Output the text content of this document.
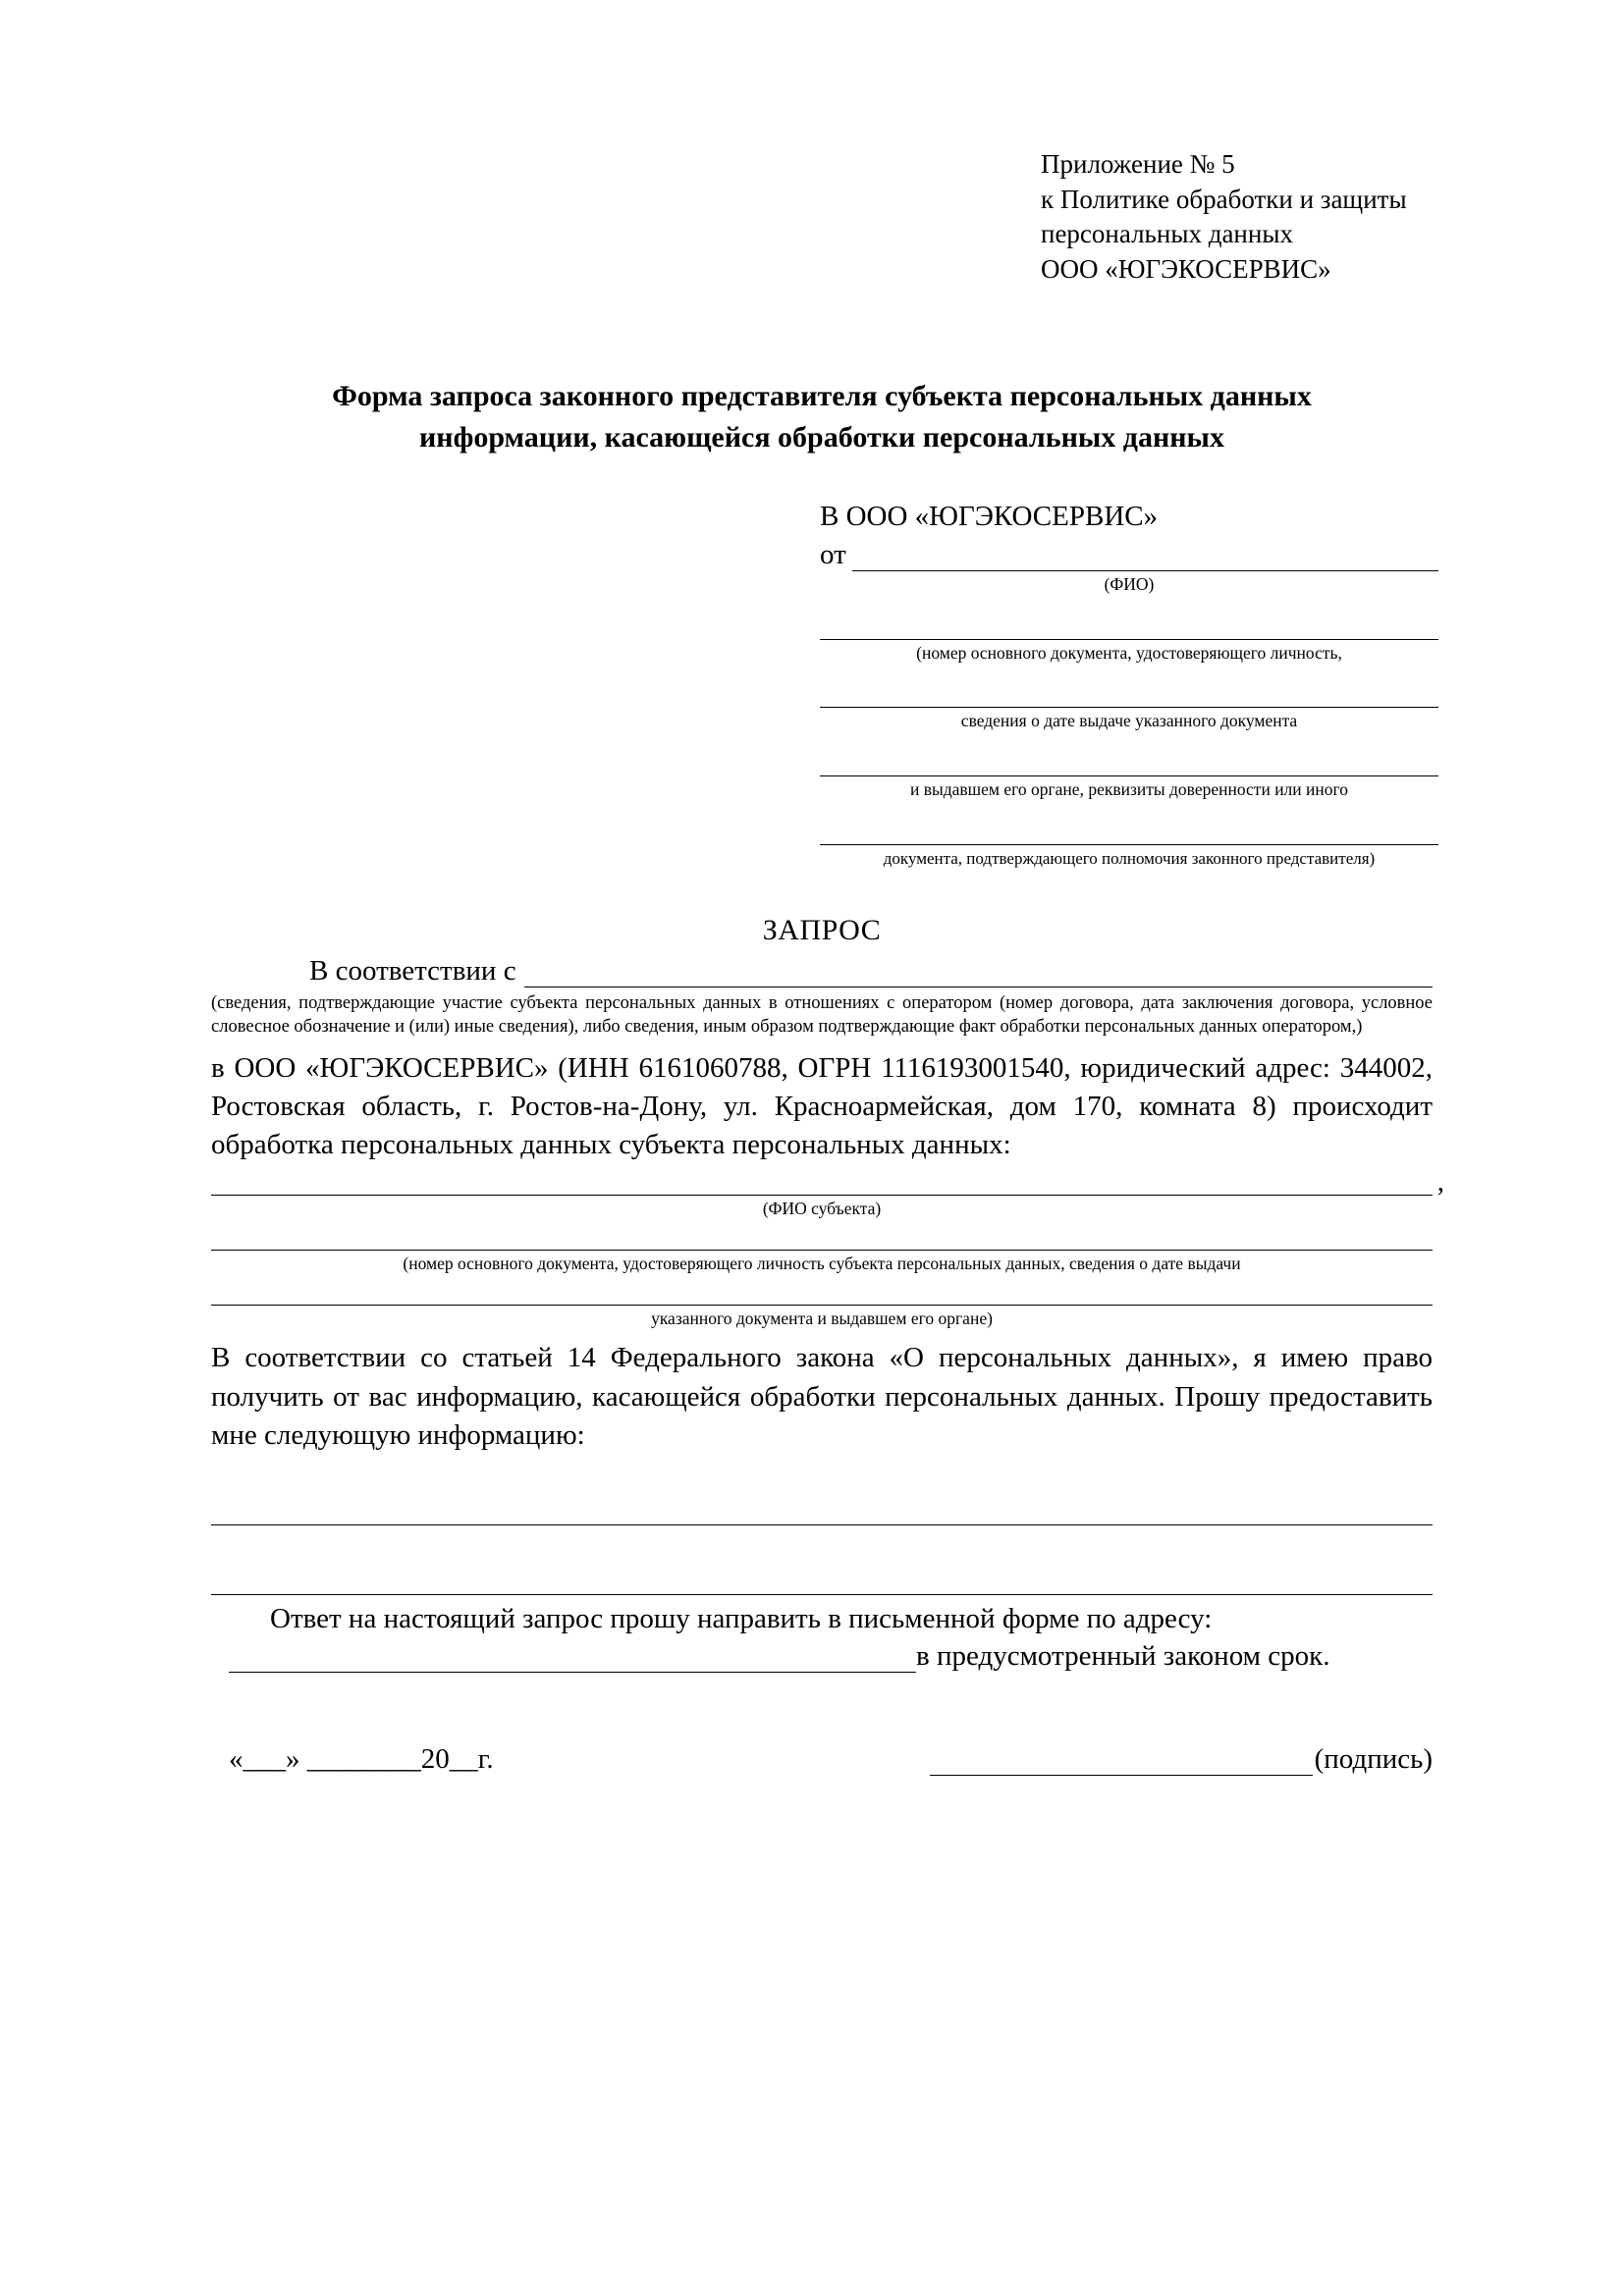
Приложение № 5
к Политике обработки и защиты
персональных данных
ООО «ЮГЭКОСЕРВИС»
Форма запроса законного представителя субъекта персональных данных
информации, касающейся обработки персональных данных
В ООО «ЮГЭКОСЕРВИС»
от
(ФИО)
(номер основного документа, удостоверяющего личность,
сведения о дате выдаче указанного документа
и выдавшем его органе, реквизиты доверенности или иного
документа, подтверждающего полномочия законного представителя)
ЗАПРОС
В соответствии с
(сведения, подтверждающие участие субъекта персональных данных в отношениях с оператором (номер договора, дата заключения договора, условное словесное обозначение и (или) иные сведения), либо сведения, иным образом подтверждающие факт обработки персональных данных оператором,)
в ООО «ЮГЭКОСЕРВИС» (ИНН 6161060788, ОГРН 1116193001540, юридический адрес: 344002, Ростовская область, г. Ростов-на-Дону, ул. Красноармейская, дом 170, комната 8) происходит обработка персональных данных субъекта персональных данных:
,
(ФИО субъекта)
(номер основного документа, удостоверяющего личность субъекта персональных данных, сведения о дате выдачи
указанного документа и выдавшем его органе)
В соответствии со статьей 14 Федерального закона «О персональных данных», я имею право получить от вас информацию, касающейся обработки персональных данных. Прошу предоставить мне следующую информацию:
Ответ на настоящий запрос прошу направить в письменной форме по адресу:
в предусмотренный законом срок.
«___» ________20__г.	(подпись)
